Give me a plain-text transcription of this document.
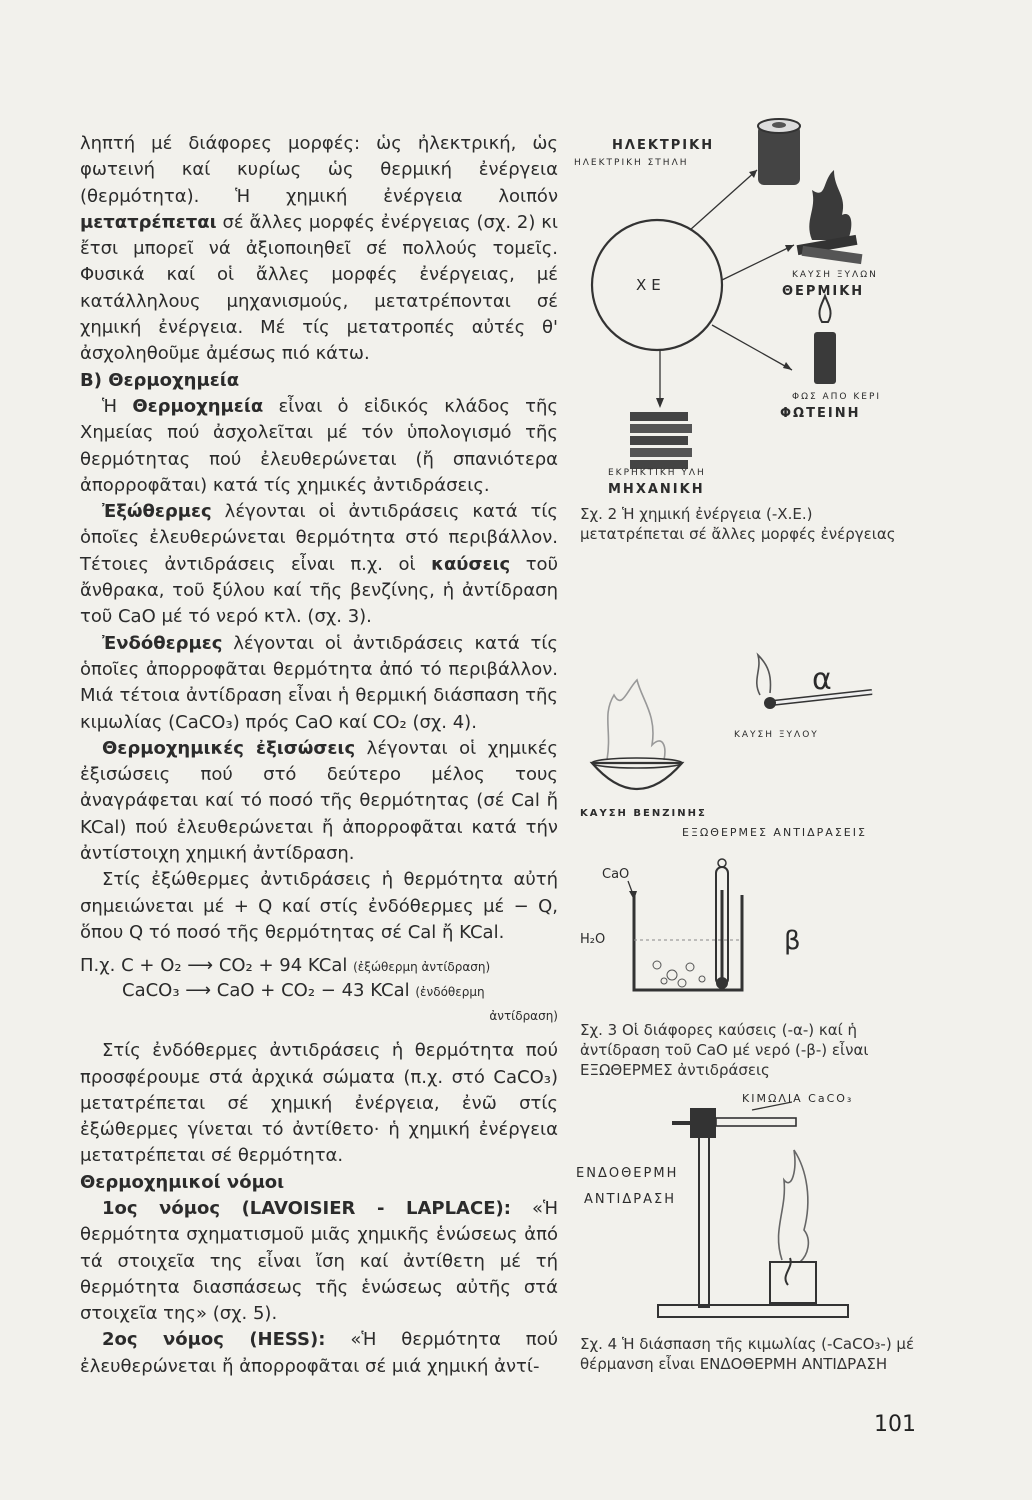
ληπτή μέ διάφορες μορφές: ὡς ἠλεκτρική, ὡς φωτεινή καί κυρίως ὡς θερμική ἐνέργεια (θερμότητα). Ἡ χημική ἐνέργεια λοιπόν μετατρέπεται σέ ἄλλες μορφές ἐνέργειας (σχ. 2) κι ἔτσι μπορεῖ νά ἀξιοποιηθεῖ σέ πολλούς τομεῖς. Φυσικά καί οἱ ἄλλες μορφές ἐνέργειας, μέ κατάλληλους μηχανισμούς, μετατρέπονται σέ χημική ἐνέργεια. Μέ τίς μετατροπές αὐτές θ' ἀσχοληθοῦμε ἀμέσως πιό κάτω.

Β) Θερμοχημεία

Ἡ Θερμοχημεία εἶναι ὁ εἰδικός κλάδος τῆς Χημείας πού ἀσχολεῖται μέ τόν ὑπολογισμό τῆς θερμότητας πού ἐλευθερώνεται (ἤ σπανιότερα ἀπορροφᾶται) κατά τίς χημικές ἀντιδράσεις.

Ἐξώθερμες λέγονται οἱ ἀντιδράσεις κατά τίς ὁποῖες ἐλευθερώνεται θερμότητα στό περιβάλλον. Τέτοιες ἀντιδράσεις εἶναι π.χ. οἱ καύσεις τοῦ ἄνθρακα, τοῦ ξύλου καί τῆς βενζίνης, ἡ ἀντίδραση τοῦ CaO μέ τό νερό κτλ. (σχ. 3).

Ἐνδόθερμες λέγονται οἱ ἀντιδράσεις κατά τίς ὁποῖες ἀπορροφᾶται θερμότητα ἀπό τό περιβάλλον. Μιά τέτοια ἀντίδραση εἶναι ἡ θερμική διάσπαση τῆς κιμωλίας (CaCO₃) πρός CaO καί CO₂ (σχ. 4).

Θερμοχημικές ἐξισώσεις λέγονται οἱ χημικές ἐξισώσεις πού στό δεύτερο μέλος τους ἀναγράφεται καί τό ποσό τῆς θερμότητας (σέ Cal ἤ KCal) πού ἐλευθερώνεται ἤ ἀπορροφᾶται κατά τήν ἀντίστοιχη χημική ἀντίδραση.

Στίς ἐξώθερμες ἀντιδράσεις ἡ θερμότητα αὐτή σημειώνεται μέ + Q καί στίς ἐνδόθερμες μέ − Q, ὅπου Q τό ποσό τῆς θερμότητας σέ Cal ἤ KCal.

Π.χ. C + O₂ ⟶ CO₂ + 94 KCal (ἐξώθερμη ἀντίδραση)
CaCO₃ ⟶ CaO + CO₂ − 43 KCal (ἐνδόθερμη
ἀντίδραση)

Στίς ἐνδόθερμες ἀντιδράσεις ἡ θερμότητα πού προσφέρουμε στά ἀρχικά σώματα (π.χ. στό CaCO₃) μετατρέπεται σέ χημική ἐνέργεια, ἐνῶ στίς ἐξώθερμες γίνεται τό ἀντίθετο· ἡ χημική ἐνέργεια μετατρέπεται σέ θερμότητα.

Θερμοχημικοί νόμοι

1ος νόμος (LAVOISIER - LAPLACE): «Ἡ θερμότητα σχηματισμοῦ μιᾶς χημικῆς ἑνώσεως ἀπό τά στοιχεῖα της εἶναι ἴση καί ἀντίθετη μέ τή θερμότητα διασπάσεως τῆς ἑνώσεως αὐτῆς στά στοιχεῖα της» (σχ. 5).

2ος νόμος (HESS): «Ἡ θερμότητα πού ἐλευθερώνεται ἤ ἀπορροφᾶται σέ μιά χημική ἀντί-

ΗΛΕΚΤΡΙΚΗ
ΗΛΕΚΤΡΙΚΗ ΣΤΗΛΗ
ΧΕ
ΚΑΥΣΗ ΞΥΛΩΝ
ΘΕΡΜΙΚΗ
ΦΩΣ ΑΠΟ ΚΕΡΙ
ΦΩΤΕΙΝΗ
ΕΚΡΗΚΤΙΚΗ ΥΛΗ
ΜΗΧΑΝΙΚΗ
Σχ. 2 Ἡ χημική ἐνέργεια (-Χ.Ε.) μετατρέπεται σέ ἄλλες μορφές ἐνέργειας
α
ΚΑΥΣΗ ΞΥΛΟΥ
ΚΑΥΣΗ ΒΕΝΖΙΝΗΣ
ΕΞΩΘΕΡΜΕΣ ΑΝΤΙΔΡΑΣΕΙΣ
CaO
H₂O	β
Σχ. 3 Οἱ διάφορες καύσεις (-α-) καί ἡ ἀντίδραση τοῦ CaO μέ νερό (-β-) εἶναι ΕΞΩΘΕΡΜΕΣ ἀντιδράσεις
ΚΙΜΩΛΙΑ CaCO₃
ΕΝΔΟΘΕΡΜΗ
ΑΝΤΙΔΡΑΣΗ
Σχ. 4 Ἡ διάσπαση τῆς κιμωλίας (-CaCO₃-) μέ θέρμανση εἶναι ΕΝΔΟΘΕΡΜΗ ΑΝΤΙΔΡΑΣΗ
101
